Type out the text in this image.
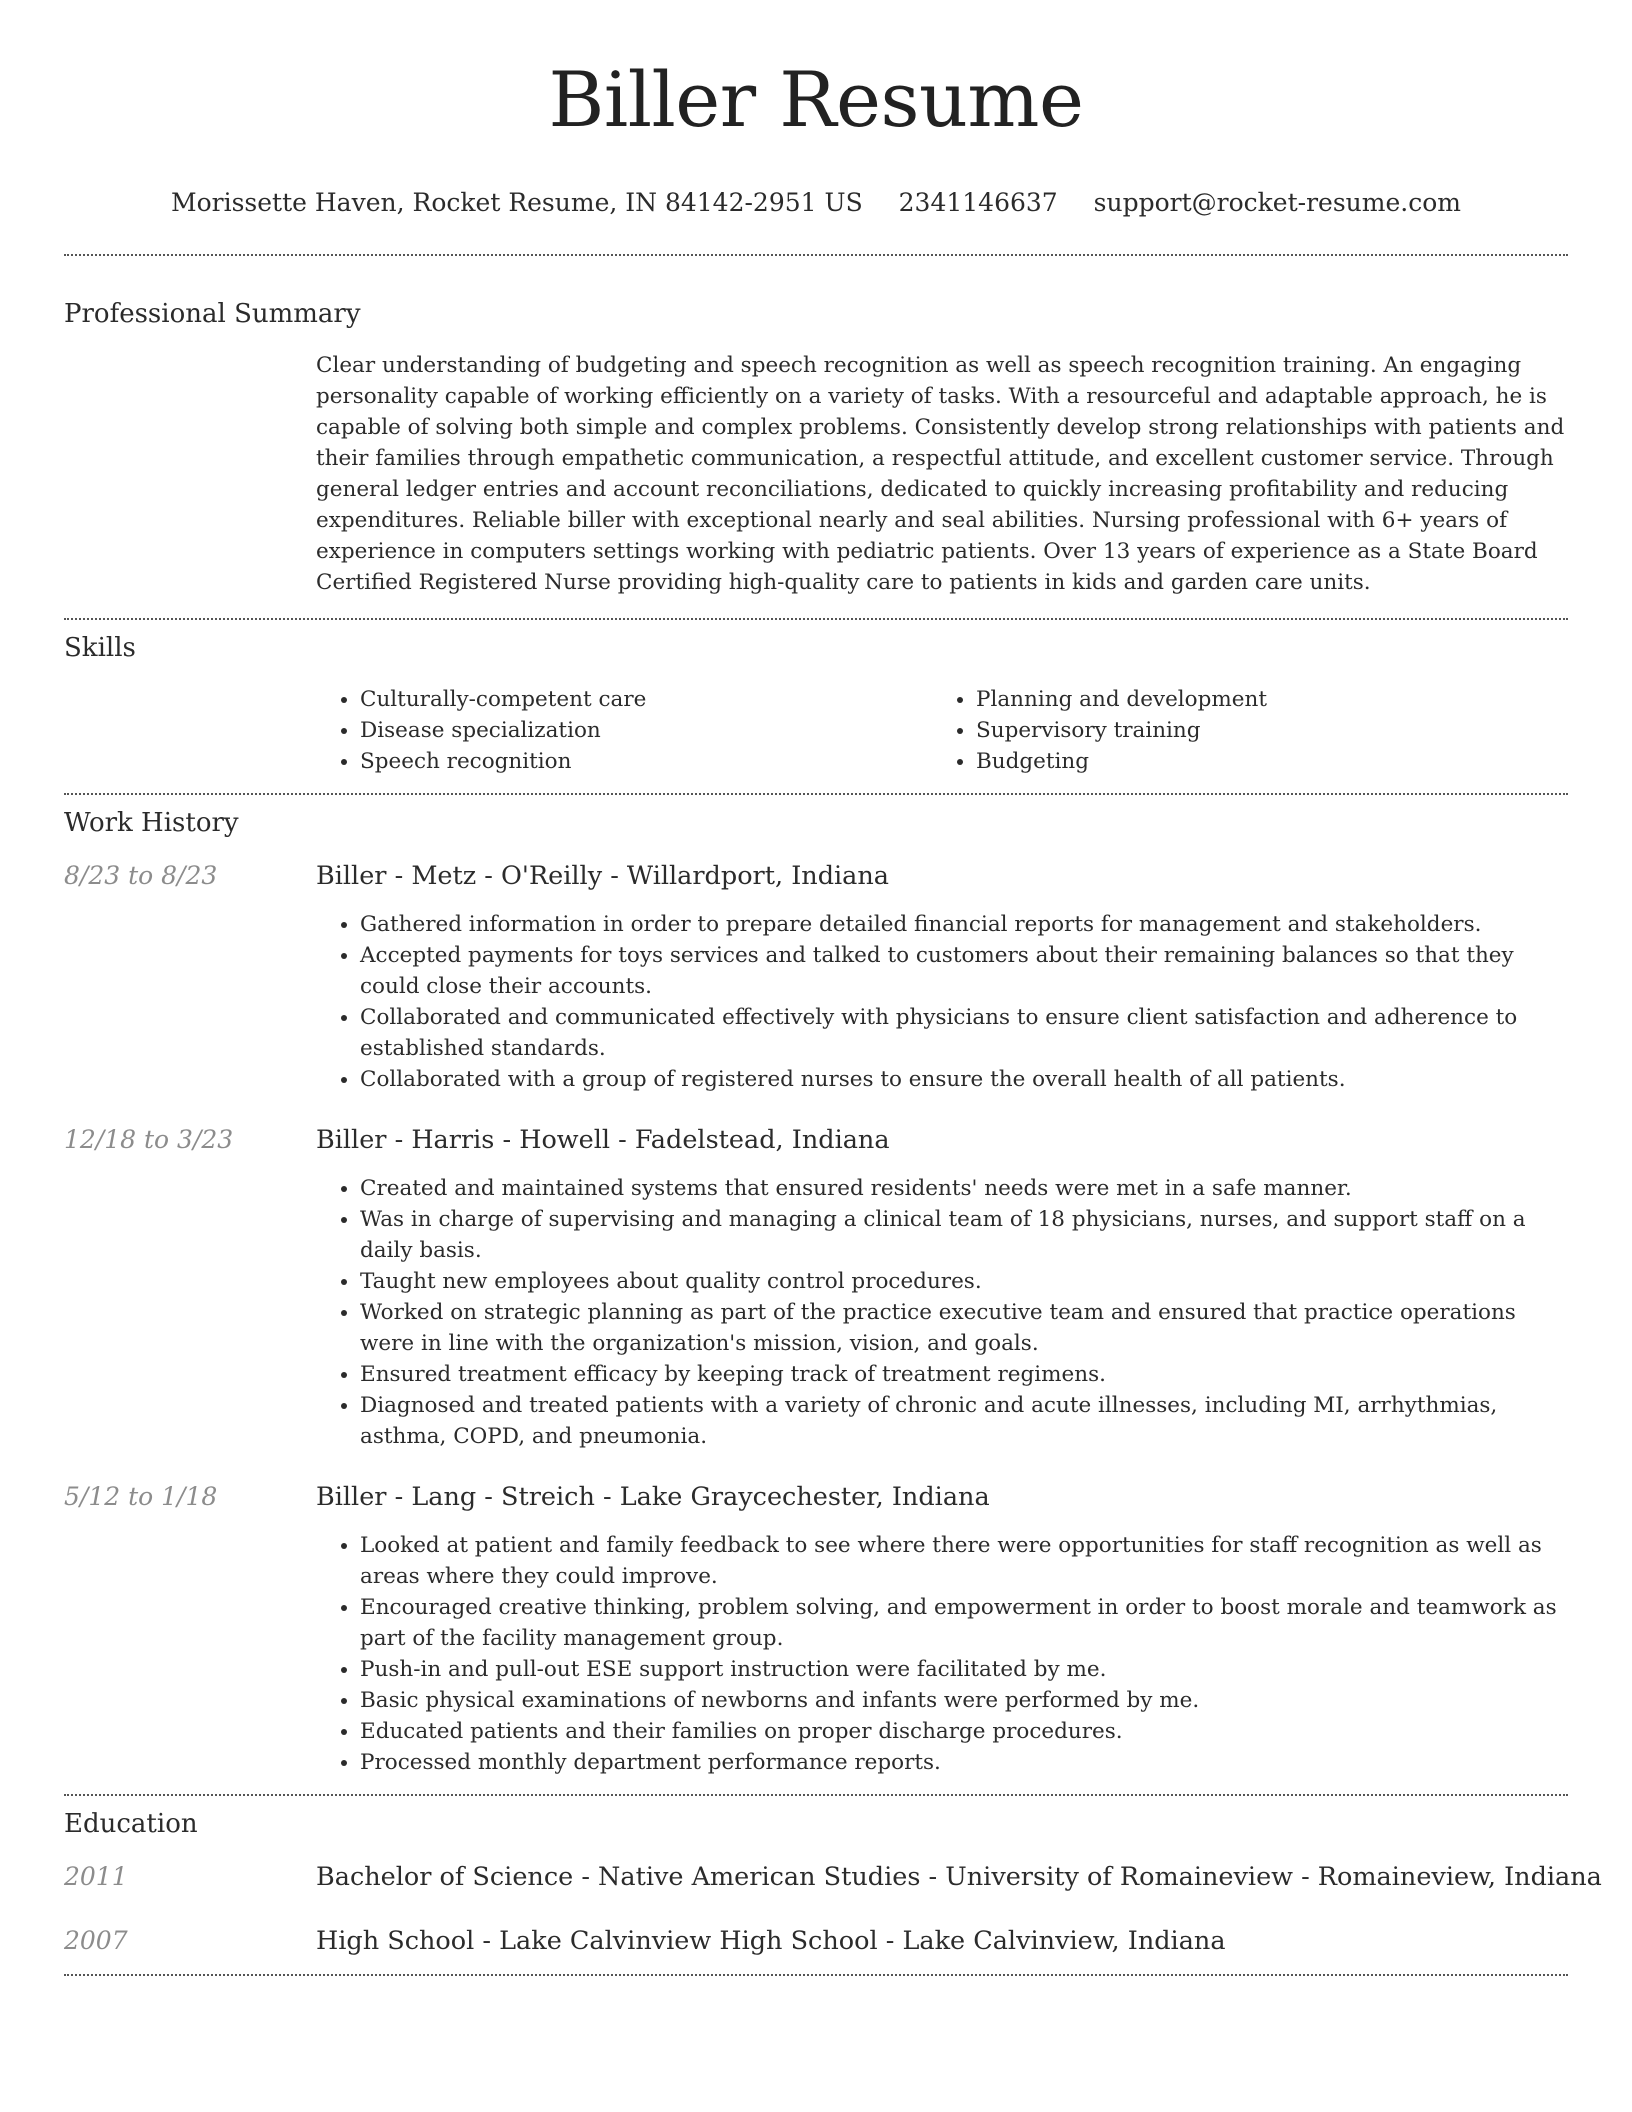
Biller Resume
Morissette Haven, Rocket Resume, IN 84142-2951 US 2341146637 support@rocket-resume.com
Professional Summary

Clear understanding of budgeting and speech recognition as well as speech recognition training. An engaging personality capable of working efficiently on a variety of tasks. With a resourceful and adaptable approach, he is capable of solving both simple and complex problems. Consistently develop strong relationships with patients and their families through empathetic communication, a respectful attitude, and excellent customer service. Through general ledger entries and account reconciliations, dedicated to quickly increasing profitability and reducing expenditures. Reliable biller with exceptional nearly and seal abilities. Nursing professional with 6+ years of experience in computers settings working with pediatric patients. Over 13 years of experience as a State Board Certified Registered Nurse providing high-quality care to patients in kids and garden care units.

Skills
• Culturally-competent care
• Disease specialization
• Speech recognition
• Planning and development
• Supervisory training
• Budgeting
Work History
8/23 to 8/23	Biller - Metz - O'Reilly - Willardport, Indiana
• Gathered information in order to prepare detailed financial reports for management and stakeholders.
• Accepted payments for toys services and talked to customers about their remaining balances so that they could close their accounts.
• Collaborated and communicated effectively with physicians to ensure client satisfaction and adherence to established standards.
• Collaborated with a group of registered nurses to ensure the overall health of all patients.
12/18 to 3/23	Biller - Harris - Howell - Fadelstead, Indiana
• Created and maintained systems that ensured residents' needs were met in a safe manner.
• Was in charge of supervising and managing a clinical team of 18 physicians, nurses, and support staff on a daily basis.
• Taught new employees about quality control procedures.
• Worked on strategic planning as part of the practice executive team and ensured that practice operations were in line with the organization's mission, vision, and goals.
• Ensured treatment efficacy by keeping track of treatment regimens.
• Diagnosed and treated patients with a variety of chronic and acute illnesses, including MI, arrhythmias, asthma, COPD, and pneumonia.
5/12 to 1/18	Biller - Lang - Streich - Lake Graycechester, Indiana
• Looked at patient and family feedback to see where there were opportunities for staff recognition as well as areas where they could improve.
• Encouraged creative thinking, problem solving, and empowerment in order to boost morale and teamwork as part of the facility management group.
• Push-in and pull-out ESE support instruction were facilitated by me.
• Basic physical examinations of newborns and infants were performed by me.
• Educated patients and their families on proper discharge procedures.
• Processed monthly department performance reports.
Education
2011	Bachelor of Science - Native American Studies - University of Romaineview - Romaineview, Indiana
2007	High School - Lake Calvinview High School - Lake Calvinview, Indiana
